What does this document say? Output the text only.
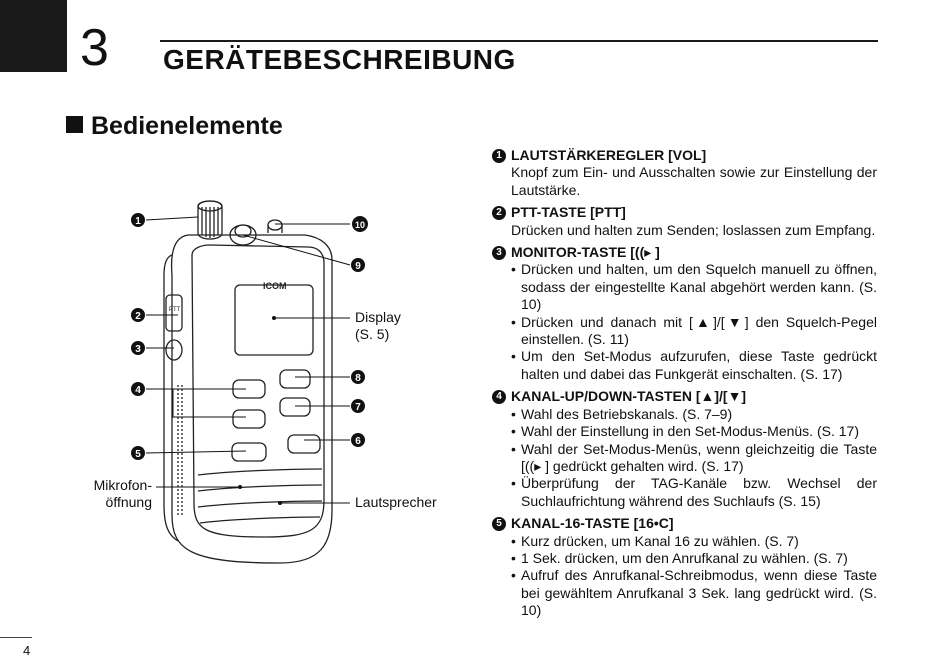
3 GERÄTEBESCHREIBUNG
Bedienelemente
ICOM
PTT
1
2
3
4
5
7
8
6
9
10
Display
(S. 5)
Mikrofon-
öffnung	Lautsprecher
1 LAUTSTÄRKEREGLER [VOL]
Knopf zum Ein- und Ausschalten sowie zur Einstellung der Lautstärke.
2 PTT-TASTE [PTT]
Drücken und halten zum Senden; loslassen zum Empfang.
3 MONITOR-TASTE [((▸ ]
• Drücken und halten, um den Squelch manuell zu öffnen, sodass der eingestellte Kanal abgehört werden kann. (S. 10)
• Drücken und danach mit [▲]/[▼] den Squelch-Pegel einstellen. (S. 11)
• Um den Set-Modus aufzurufen, diese Taste gedrückt halten und dabei das Funkgerät einschalten. (S. 17)
4 KANAL-UP/DOWN-TASTEN [▲]/[▼]
• Wahl des Betriebskanals. (S. 7–9)
• Wahl der Einstellung in den Set-Modus-Menüs. (S. 17)
• Wahl der Set-Modus-Menüs, wenn gleichzeitig die Taste [((▸ ] gedrückt gehalten wird. (S. 17)
• Überprüfung der TAG-Kanäle bzw. Wechsel der Suchlaufrichtung während des Suchlaufs (S. 15)
5 KANAL-16-TASTE [16•C]
• Kurz drücken, um Kanal 16 zu wählen. (S. 7)
• 1 Sek. drücken, um den Anrufkanal zu wählen. (S. 7)
• Aufruf des Anrufkanal-Schreibmodus, wenn diese Taste bei gewähltem Anrufkanal 3 Sek. lang gedrückt wird. (S. 10)
4
